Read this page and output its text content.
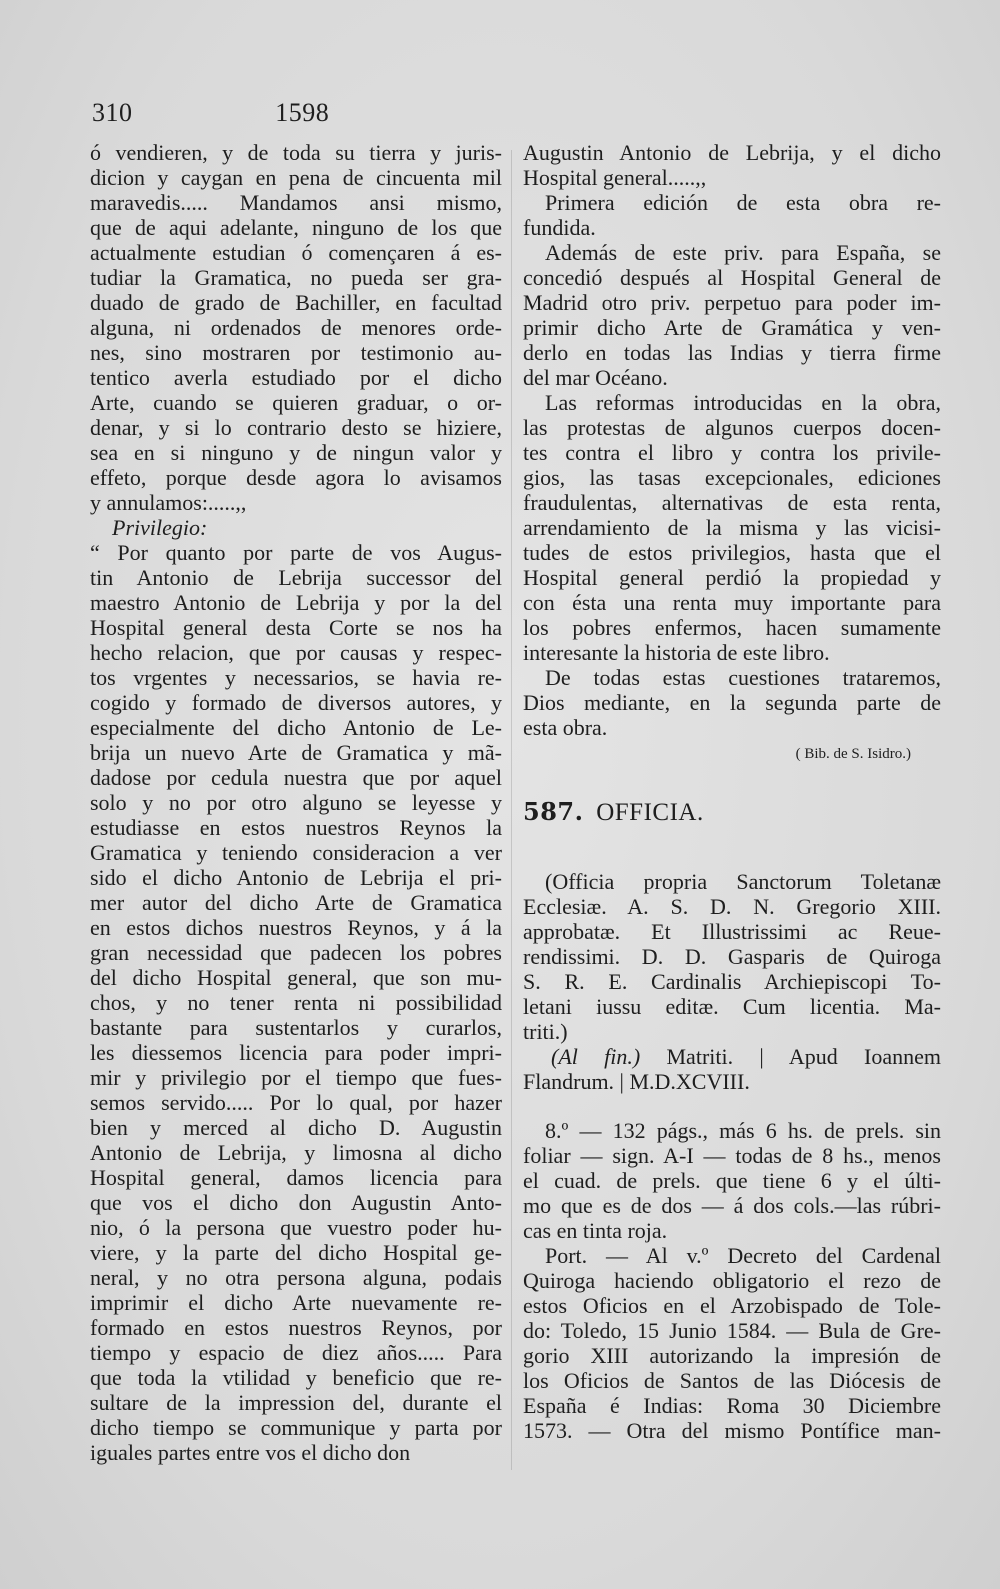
310	1598
ó vendieren, y de toda su tierra y juris-
dicion y caygan en pena de cincuenta mil
maravedis..... Mandamos ansi mismo,
que de aqui adelante, ninguno de los que
actualmente estudian ó començaren á es-
tudiar la Gramatica, no pueda ser gra-
duado de grado de Bachiller, en facultad
alguna, ni ordenados de menores orde-
nes, sino mostraren por testimonio au-
tentico averla estudiado por el dicho
Arte, cuando se quieren graduar, o or-
denar, y si lo contrario desto se hiziere,
sea en si ninguno y de ningun valor y
effeto, porque desde agora lo avisamos
y annulamos:.....,,
Privilegio:
“ Por quanto por parte de vos Augus-
tin Antonio de Lebrija successor del
maestro Antonio de Lebrija y por la del
Hospital general desta Corte se nos ha
hecho relacion, que por causas y respec-
tos vrgentes y necessarios, se havia re-
cogido y formado de diversos autores, y
especialmente del dicho Antonio de Le-
brija un nuevo Arte de Gramatica y mã-
dadose por cedula nuestra que por aquel
solo y no por otro alguno se leyesse y
estudiasse en estos nuestros Reynos la
Gramatica y teniendo consideracion a ver
sido el dicho Antonio de Lebrija el pri-
mer autor del dicho Arte de Gramatica
en estos dichos nuestros Reynos, y á la
gran necessidad que padecen los pobres
del dicho Hospital general, que son mu-
chos, y no tener renta ni possibilidad
bastante para sustentarlos y curarlos,
les diessemos licencia para poder impri-
mir y privilegio por el tiempo que fues-
semos servido..... Por lo qual, por hazer
bien y merced al dicho D. Augustin
Antonio de Lebrija, y limosna al dicho
Hospital general, damos licencia para
que vos el dicho don Augustin Anto-
nio, ó la persona que vuestro poder hu-
viere, y la parte del dicho Hospital ge-
neral, y no otra persona alguna, podais
imprimir el dicho Arte nuevamente re-
formado en estos nuestros Reynos, por
tiempo y espacio de diez años..... Para
que toda la vtilidad y beneficio que re-
sultare de la impression del, durante el
dicho tiempo se communique y parta por
iguales partes entre vos el dicho don
Augustin Antonio de Lebrija, y el dicho
Hospital general.....,,
Primera edición de esta obra re-
fundida.
Además de este priv. para España, se
concedió después al Hospital General de
Madrid otro priv. perpetuo para poder im-
primir dicho Arte de Gramática y ven-
derlo en todas las Indias y tierra firme
del mar Océano.
Las reformas introducidas en la obra,
las protestas de algunos cuerpos docen-
tes contra el libro y contra los privile-
gios, las tasas excepcionales, ediciones
fraudulentas, alternativas de esta renta,
arrendamiento de la misma y las vicisi-
tudes de estos privilegios, hasta que el
Hospital general perdió la propiedad y
con ésta una renta muy importante para
los pobres enfermos, hacen sumamente
interesante la historia de este libro.
De todas estas cuestiones trataremos,
Dios mediante, en la segunda parte de
esta obra.
( Bib. de S. Isidro.)
587. OFFICIA.
(Officia propria Sanctorum Toletanæ
Ecclesiæ. A. S. D. N. Gregorio XIII.
approbatæ. Et Illustrissimi ac Reue-
rendissimi. D. D. Gasparis de Quiroga
S. R. E. Cardinalis Archiepiscopi To-
letani iussu editæ. Cum licentia. Ma-
triti.)
(Al fin.) Matriti. | Apud Ioannem
Flandrum. | M.D.XCVIII.
8.º — 132 págs., más 6 hs. de prels. sin
foliar — sign. A-I — todas de 8 hs., menos
el cuad. de prels. que tiene 6 y el últi-
mo que es de dos — á dos cols.—las rúbri-
cas en tinta roja.
Port. — Al v.º Decreto del Cardenal
Quiroga haciendo obligatorio el rezo de
estos Oficios en el Arzobispado de Tole-
do: Toledo, 15 Junio 1584. — Bula de Gre-
gorio XIII autorizando la impresión de
los Oficios de Santos de las Diócesis de
España é Indias: Roma 30 Diciembre
1573. — Otra del mismo Pontífice man-
